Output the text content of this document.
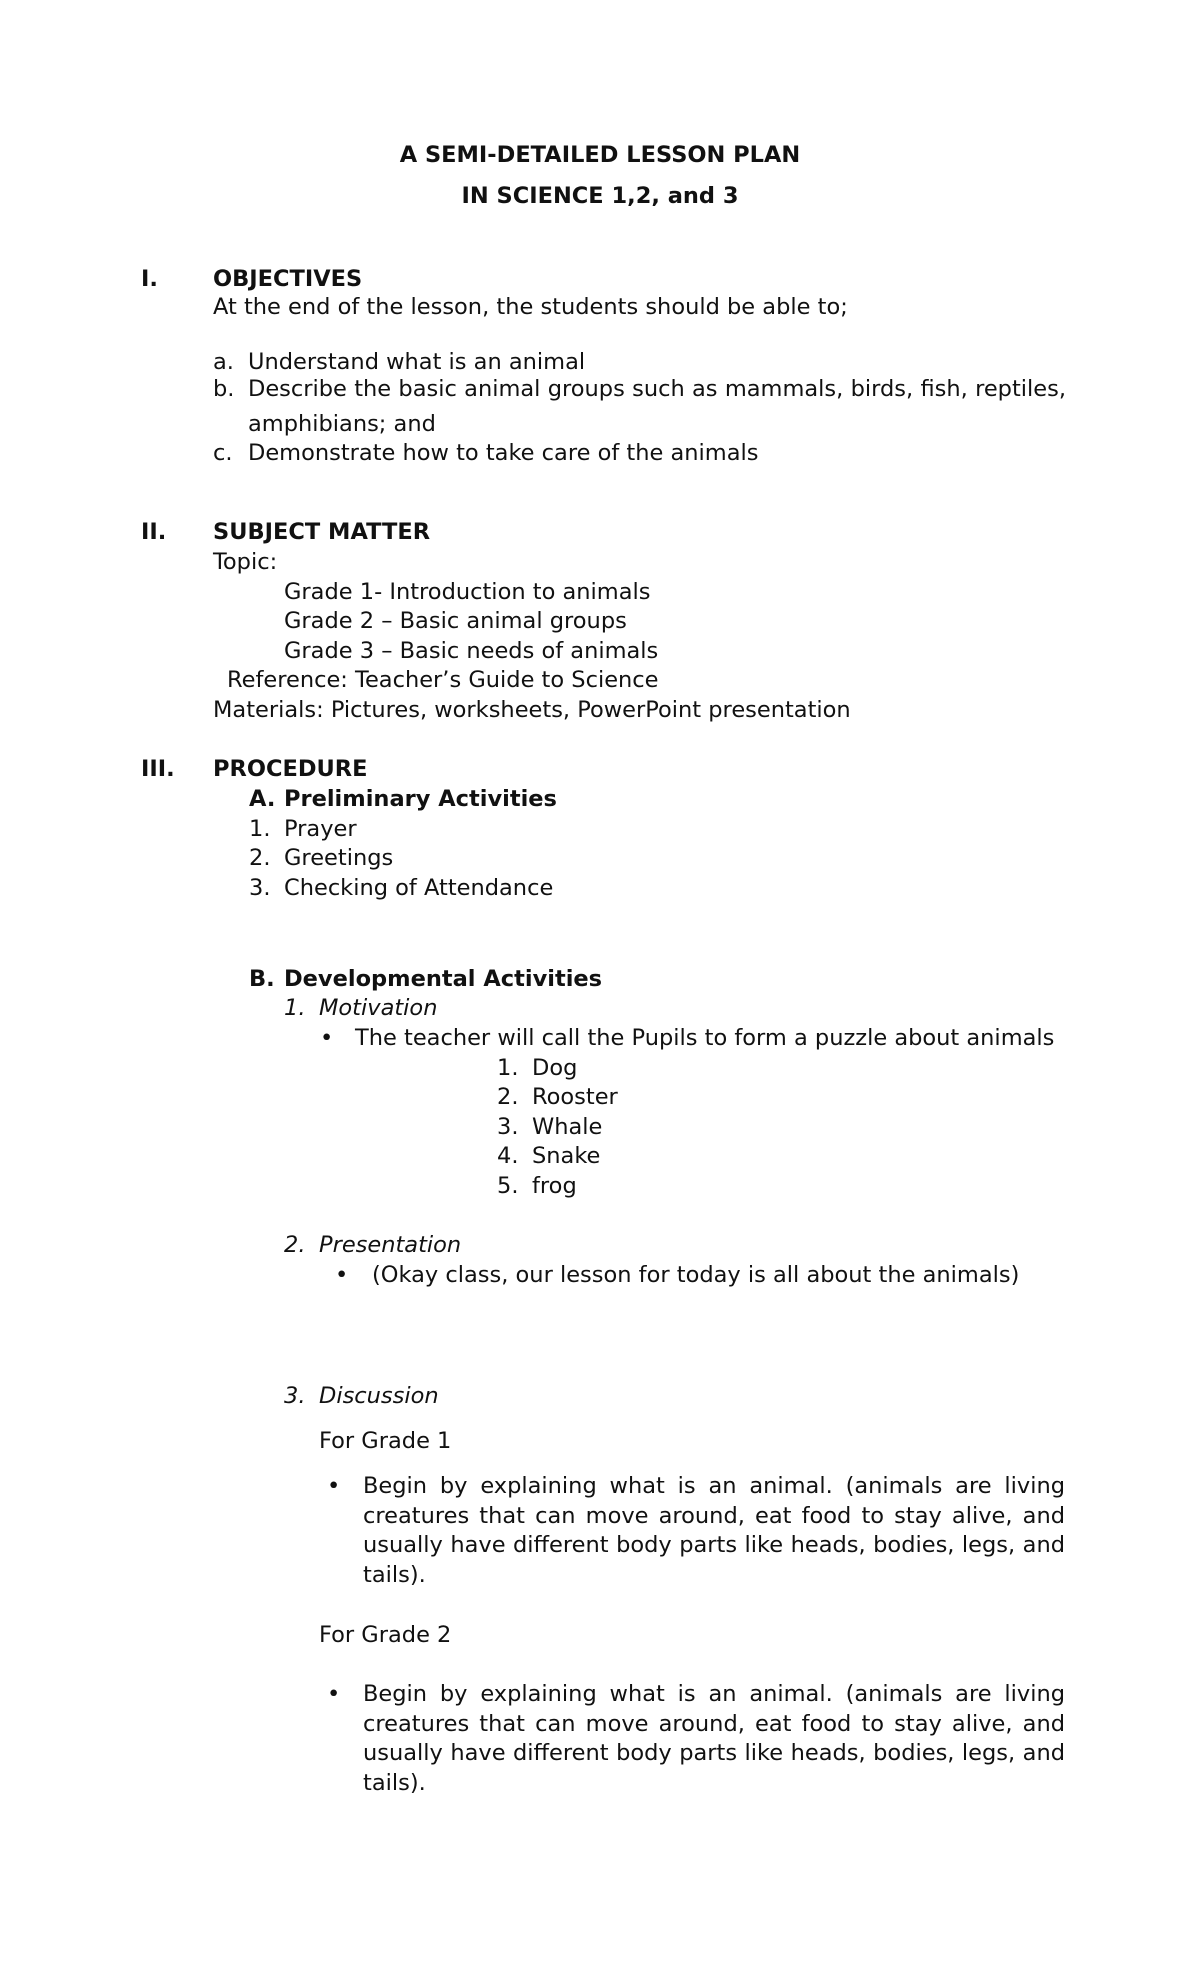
A SEMI-DETAILED LESSON PLAN
IN SCIENCE 1,2, and 3
I. OBJECTIVES
At the end of the lesson, the students should be able to;
a. Understand what is an animal
b. Describe the basic animal groups such as mammals, birds, fish, reptiles,
amphibians; and
c. Demonstrate how to take care of the animals
II. SUBJECT MATTER
Topic:
Grade 1- Introduction to animals
Grade 2 – Basic animal groups
Grade 3 – Basic needs of animals
Reference: Teacher’s Guide to Science
Materials: Pictures, worksheets, PowerPoint presentation
III. PROCEDURE
A. Preliminary Activities
1. Prayer
2. Greetings
3. Checking of Attendance
B. Developmental Activities
1. Motivation
• The teacher will call the Pupils to form a puzzle about animals
1. Dog
2. Rooster
3. Whale
4. Snake
5. frog
2. Presentation
• (Okay class, our lesson for today is all about the animals)
3. Discussion
For Grade 1
• Begin by explaining what is an animal. (animals are living
creatures that can move around, eat food to stay alive, and
usually have different body parts like heads, bodies, legs, and
tails).
For Grade 2
• Begin by explaining what is an animal. (animals are living
creatures that can move around, eat food to stay alive, and
usually have different body parts like heads, bodies, legs, and
tails).
